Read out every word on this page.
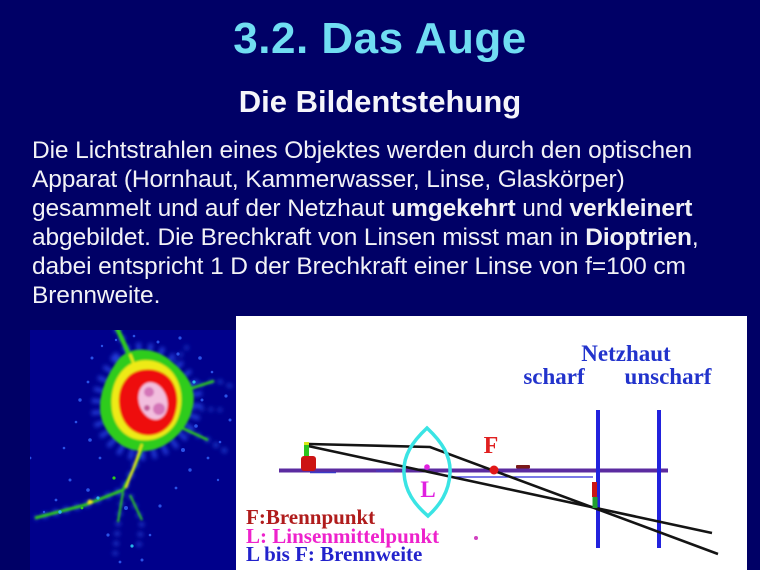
3.2. Das Auge
Die Bildentstehung
Die Lichtstrahlen eines Objektes werden durch den optischen
Apparat (Hornhaut, Kammerwasser, Linse, Glaskörper)
gesammelt und auf der Netzhaut umgekehrt und verkleinert
abgebildet. Die Brechkraft von Linsen misst man in Dioptrien,
dabei entspricht 1 D der Brechkraft einer Linse von f=100 cm
Brennweite.
Netzhaut
scharf unscharf
F
L
F:Brennpunkt
L: Linsenmittelpunkt
L bis F: Brennweite
